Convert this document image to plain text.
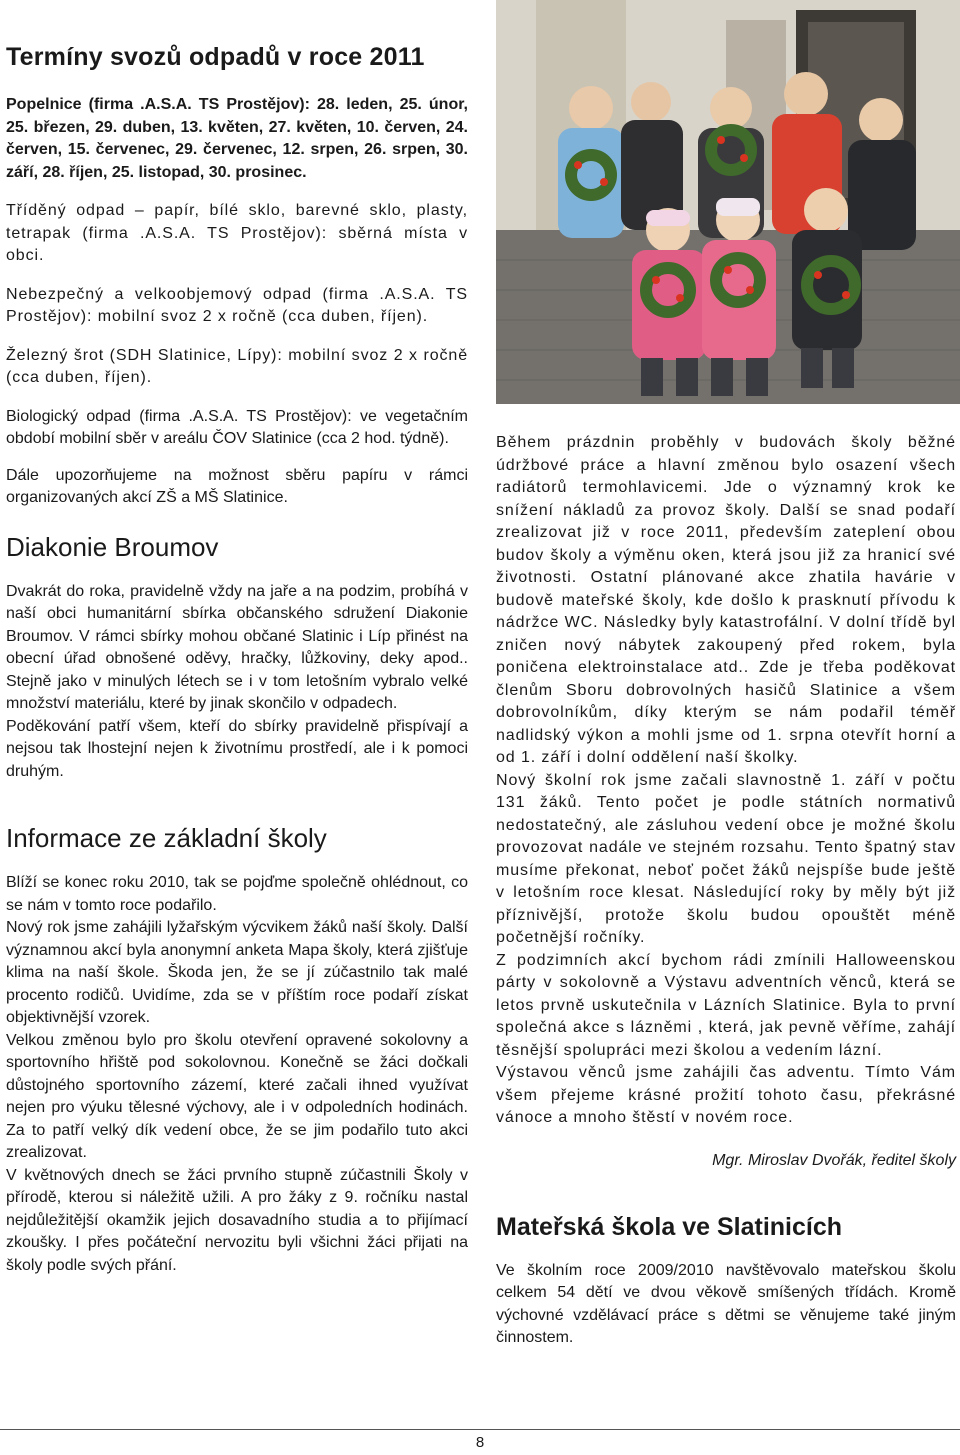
Termíny svozů odpadů v roce 2011

Popelnice (firma .A.S.A. TS Prostějov): 28. leden, 25. únor, 25. březen, 29. duben, 13. květen, 27. květen, 10. červen, 24. červen, 15. červenec, 29. červenec, 12. srpen, 26. srpen, 30. září, 28. říjen, 25. listopad, 30. prosinec.

Tříděný odpad – papír, bílé sklo, barevné sklo, plasty, tetrapak (firma .A.S.A. TS Prostějov): sběrná místa v obci.

Nebezpečný a velkoobjemový odpad (firma .A.S.A. TS Prostějov): mobilní svoz 2 x ročně (cca duben, říjen).

Železný šrot (SDH Slatinice, Lípy): mobilní svoz 2 x ročně (cca duben, říjen).

Biologický odpad (firma .A.S.A. TS Prostějov): ve vegetačním období mobilní sběr v areálu ČOV Slatinice (cca 2 hod. týdně).

Dále upozorňujeme na možnost sběru papíru v rámci organizovaných akcí ZŠ a MŠ Slatinice.

Diakonie Broumov

Dvakrát do roka, pravidelně vždy na jaře a na podzim, probíhá v naší obci humanitární sbírka občanského sdružení Diakonie Broumov. V rámci sbírky mohou občané Slatinic i Líp přinést na obecní úřad obnošené oděvy, hračky, lůžkoviny, deky apod.. Stejně jako v minulých létech se i v tom letošním vybralo velké množství materiálu, které by jinak skončilo v odpadech.

Poděkování patří všem, kteří do sbírky pravidelně přispívají a nejsou tak lhostejní nejen k životnímu prostředí, ale i k pomoci druhým.

Informace ze základní školy

Blíží se konec roku 2010, tak se pojďme společně ohlédnout, co se nám v tomto roce podařilo.

Nový rok jsme zahájili lyžařským výcvikem žáků naší školy. Další významnou akcí byla anonymní anketa Mapa školy, která zjišťuje klima na naší škole. Škoda jen, že se jí zúčastnilo tak malé procento rodičů. Uvidíme, zda se v příštím roce podaří získat objektivnější vzorek.

Velkou změnou bylo pro školu otevření opravené sokolovny a sportovního hřiště pod sokolovnou. Konečně se žáci dočkali důstojného sportovního zázemí, které začali ihned využívat nejen pro výuku tělesné výchovy, ale i v odpoledních hodinách. Za to patří velký dík vedení obce, že se jim podařilo tuto akci zrealizovat.

V květnových dnech se žáci prvního stupně zúčastnili Školy v přírodě, kterou si náležitě užili. A pro žáky z 9. ročníku nastal nejdůležitější okamžik jejich dosavadního studia a to přijímací zkoušky. I přes počáteční nervozitu byli všichni žáci přijati na školy podle svých přání.

Během prázdnin proběhly v budovách školy běžné údržbové práce a hlavní změnou bylo osazení všech radiátorů termohlavicemi. Jde o významný krok ke snížení nákladů za provoz školy. Další se snad podaří zrealizovat již v roce 2011, především zateplení obou budov školy a výměnu oken, která jsou již za hranicí své životnosti. Ostatní plánované akce zhatila havárie v budově mateřské školy, kde došlo k prasknutí přívodu k nádržce WC. Následky byly katastrofální. V dolní třídě byl zničen nový nábytek zakoupený před rokem, byla poničena elektroinstalace atd.. Zde je třeba poděkovat členům Sboru dobrovolných hasičů Slatinice a všem dobrovolníkům, díky kterým se nám podařil téměř nadlidský výkon a mohli jsme od 1. srpna otevřít horní a od 1. září i dolní oddělení naší školky.

Nový školní rok jsme začali slavnostně 1. září v počtu 131 žáků. Tento počet je podle státních normativů nedostatečný, ale zásluhou vedení obce je možné školu provozovat nadále ve stejném rozsahu. Tento špatný stav musíme překonat, neboť počet žáků nejspíše bude ještě v letošním roce klesat. Následující roky by měly být již příznivější, protože školu budou opouštět méně početnější ročníky.

Z podzimních akcí bychom rádi zmínili Halloweenskou párty v sokolovně a Výstavu adventních věnců, která se letos prvně uskutečnila v Lázních Slatinice. Byla to první společná akce s lázněmi , která, jak pevně věříme, zahájí těsnější spolupráci mezi školou a vedením lázní.

Výstavou věnců jsme zahájili čas adventu. Tímto Vám všem přejeme krásné prožití tohoto času, překrásné vánoce a mnoho štěstí v novém roce.

Mgr. Miroslav Dvořák, ředitel školy
Mateřská škola ve Slatinicích

Ve školním roce 2009/2010 navštěvovalo mateřskou školu celkem 54 dětí ve dvou věkově smíšených třídách. Kromě výchovné vzdělávací práce s dětmi se věnujeme také jiným činnostem.

8
